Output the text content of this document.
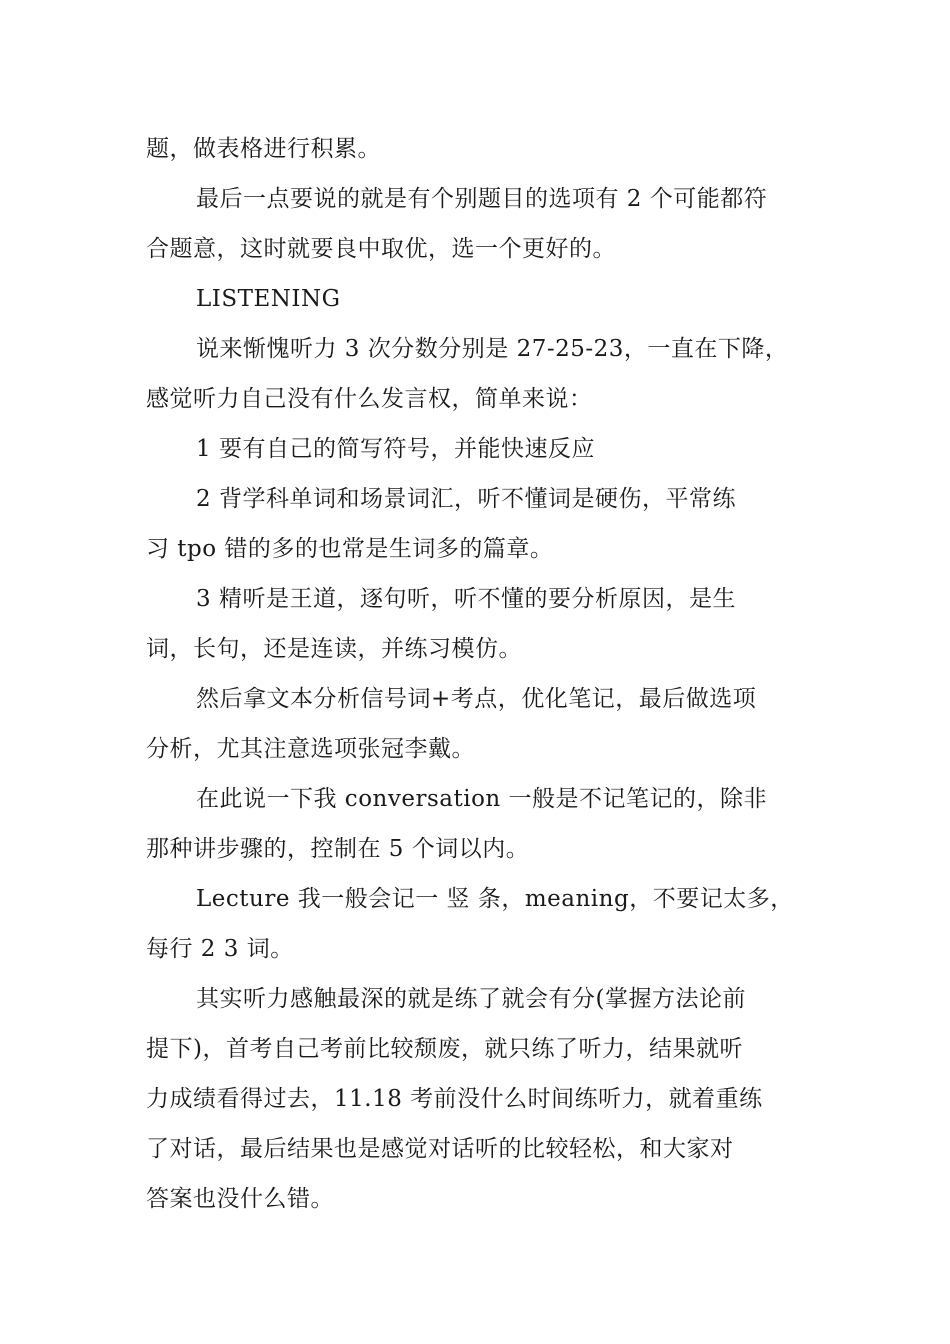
题，做表格进行积累。
最后一点要说的就是有个别题目的选项有 2 个可能都符
合题意，这时就要良中取优，选一个更好的。
LISTENING
说来惭愧听力 3 次分数分别是 27-25-23，一直在下降，
感觉听力自己没有什么发言权，简单来说：
1 要有自己的简写符号，并能快速反应
2 背学科单词和场景词汇，听不懂词是硬伤，平常练
习 tpo 错的多的也常是生词多的篇章。
3 精听是王道，逐句听，听不懂的要分析原因，是生
词，长句，还是连读，并练习模仿。
然后拿文本分析信号词+考点，优化笔记，最后做选项
分析，尤其注意选项张冠李戴。
在此说一下我 conversation 一般是不记笔记的，除非
那种讲步骤的，控制在 5 个词以内。
Lecture 我一般会记一 竖 条，meaning，不要记太多，
每行 2 3 词。
其实听力感触最深的就是练了就会有分(掌握方法论前
提下)，首考自己考前比较颓废，就只练了听力，结果就听
力成绩看得过去，11.18 考前没什么时间练听力，就着重练
了对话，最后结果也是感觉对话听的比较轻松，和大家对
答案也没什么错。
